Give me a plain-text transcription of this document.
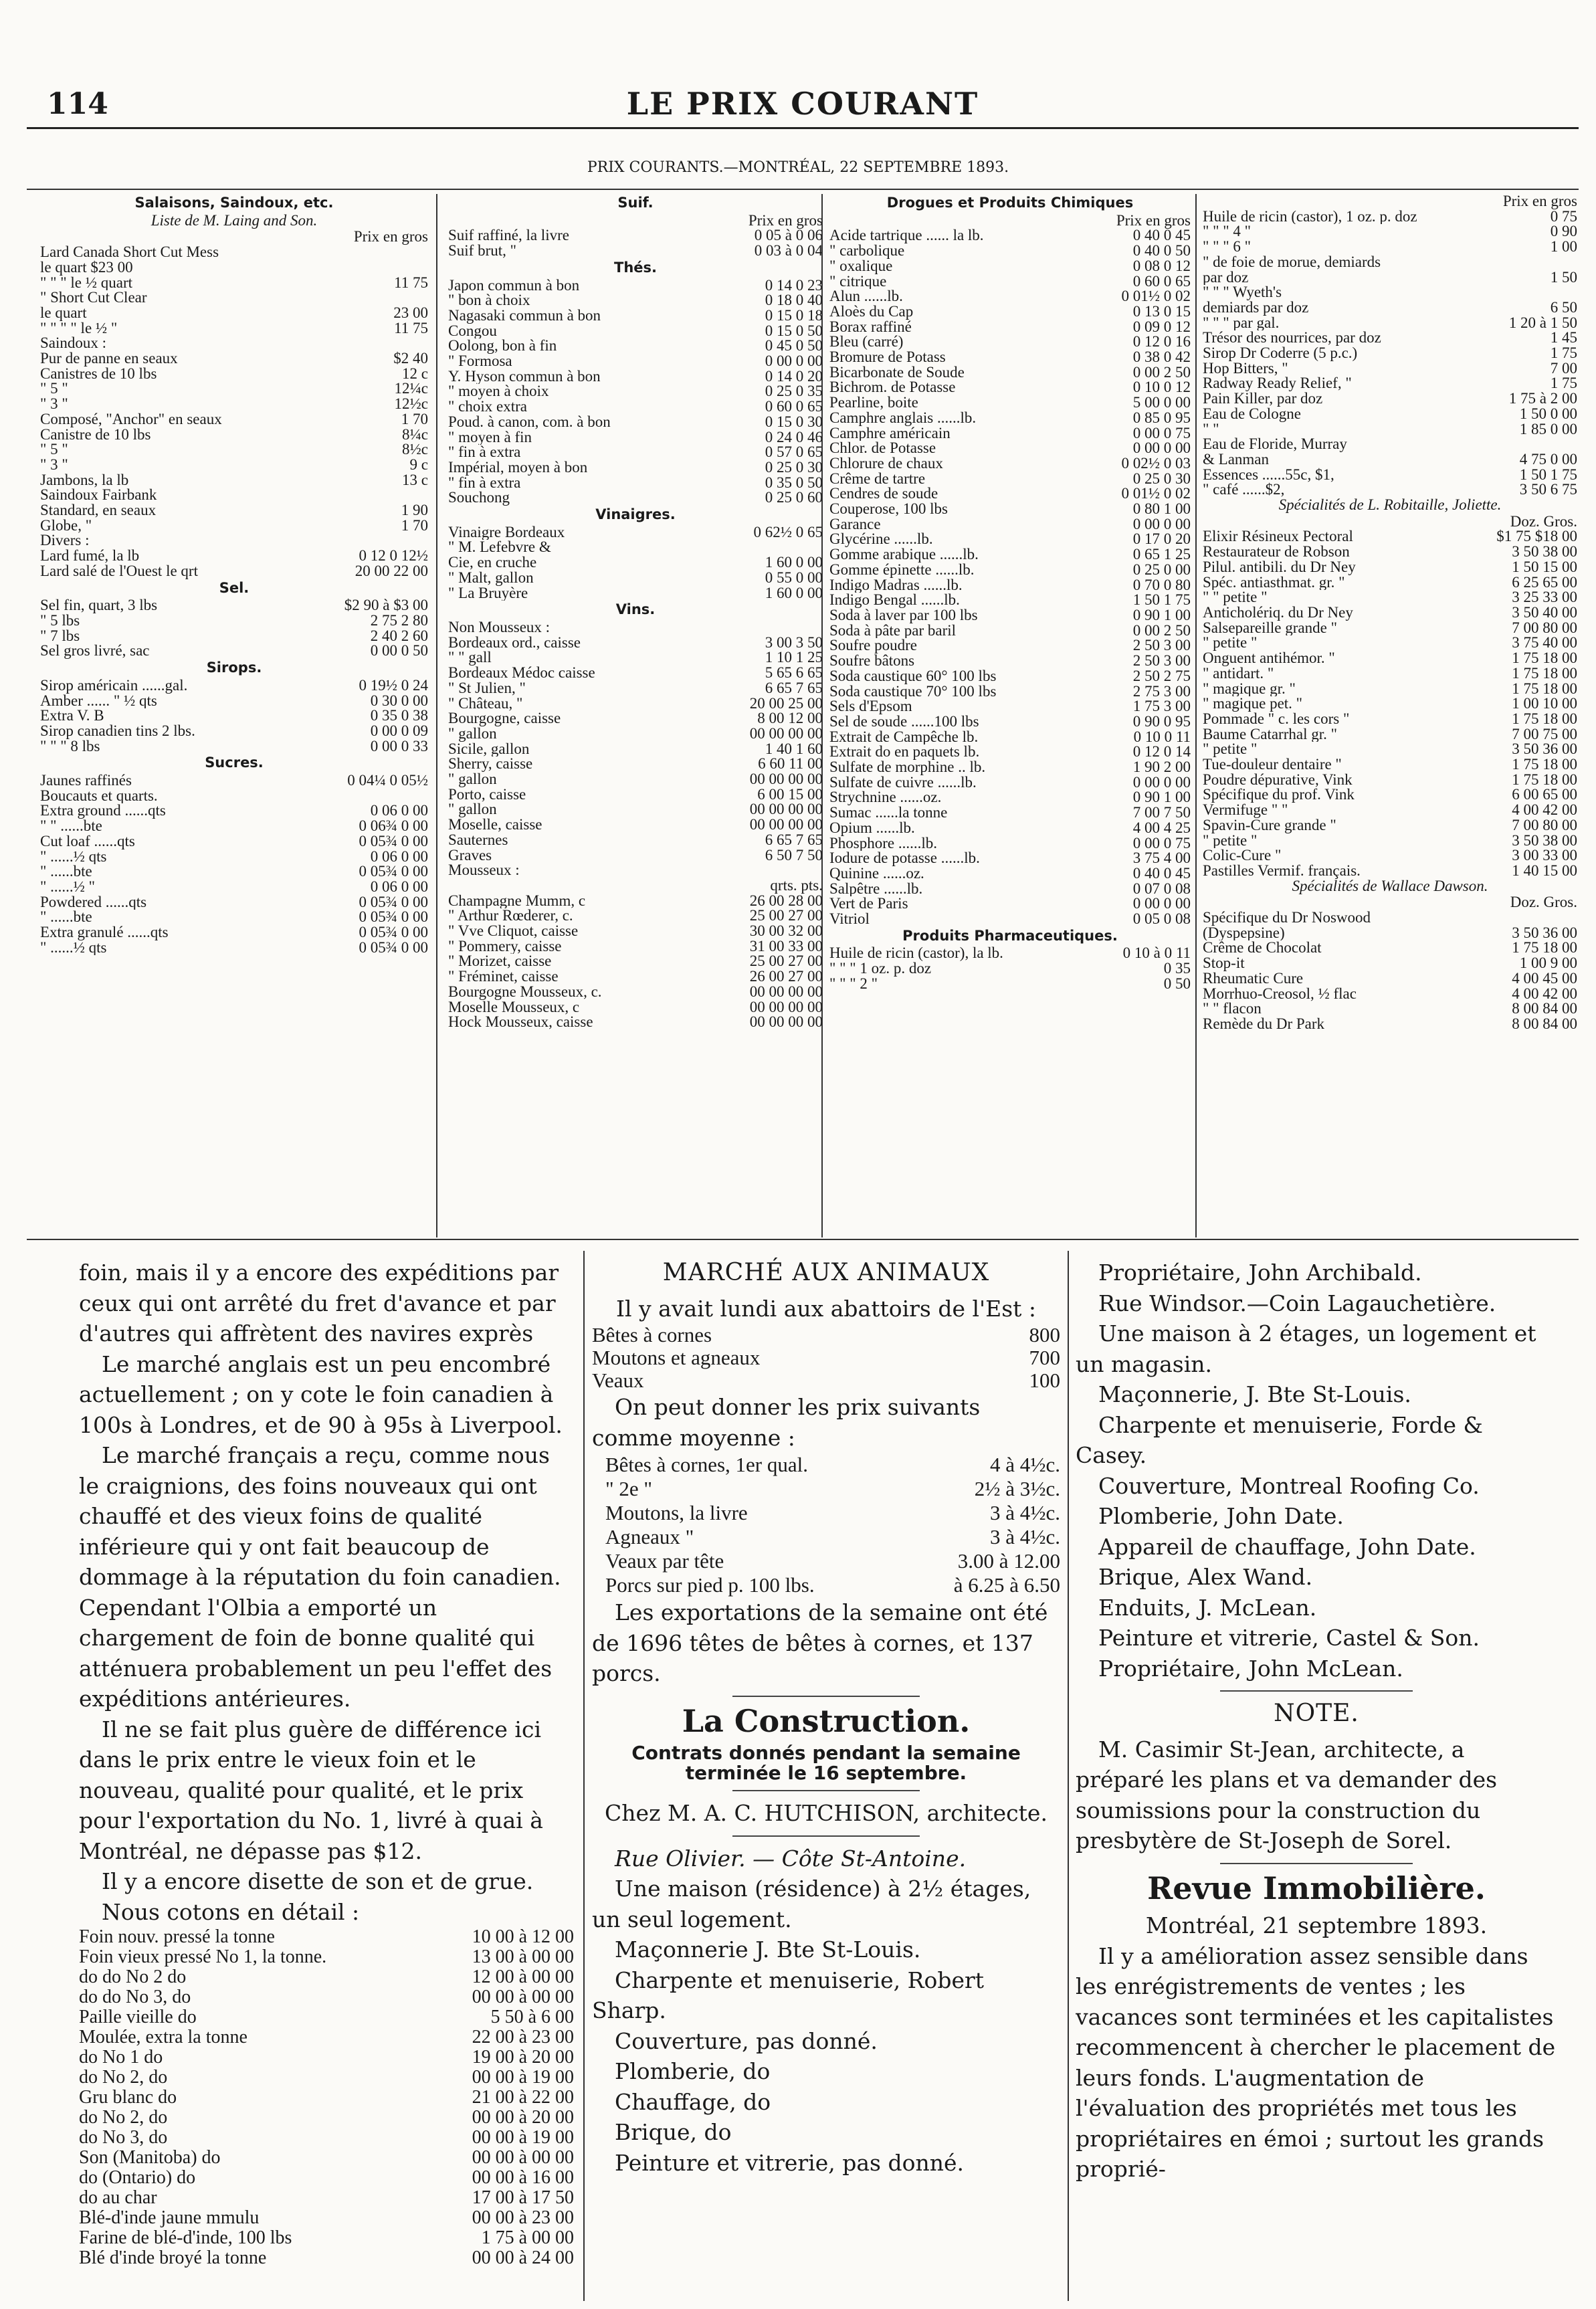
114	LE PRIX COURANT
PRIX COURANTS.—MONTRÉAL, 22 SEPTEMBRE 1893.
Salaisons, Saindoux, etc.
Liste de M. Laing and Son.
Prix en gros
Lard Canada Short Cut Mess
le quart $23 00
" " " le ½ quart	11 75
" Short Cut Clear
le quart	23 00
" " " " le ½ "	11 75
Saindoux :
Pur de panne en seaux	$2 40
Canistres de 10 lbs	12 c
" 5 "	12¼c
" 3 "	12½c
Composé, "Anchor" en seaux	1 70
Canistre de 10 lbs	8¼c
" 5 "	8½c
" 3 "	9 c
Jambons, la lb	13 c
Saindoux Fairbank
Standard, en seaux	1 90
Globe, "	1 70
Divers :
Lard fumé, la lb	0 12 0 12½
Lard salé de l'Ouest le qrt	20 00 22 00
Sel.
Sel fin, quart, 3 lbs	$2 90 à $3 00
" 5 lbs	2 75 2 80
" 7 lbs	2 40 2 60
Sel gros livré, sac	0 00 0 50
Sirops.
Sirop américain ......gal.	0 19½ 0 24
Amber ...... " ½ qts	0 30 0 00
Extra V. B	0 35 0 38
Sirop canadien tins 2 lbs.	0 00 0 09
" " " 8 lbs	0 00 0 33
Sucres.
Jaunes raffinés	0 04¼ 0 05½
Boucauts et quarts.
Extra ground ......qts	0 06 0 00
" " ......bte	0 06¾ 0 00
Cut loaf ......qts	0 05¾ 0 00
" ......½ qts	0 06 0 00
" ......bte	0 05¾ 0 00
" ......½ "	0 06 0 00
Powdered ......qts	0 05¾ 0 00
" ......bte	0 05¾ 0 00
Extra granulé ......qts	0 05¾ 0 00
" ......½ qts	0 05¾ 0 00
Suif.
Prix en gros
Suif raffiné, la livre	0 05 à 0 06
Suif brut, "	0 03 à 0 04
Thés.
Japon commun à bon	0 14 0 23
" bon à choix	0 18 0 40
Nagasaki commun à bon	0 15 0 18
Congou	0 15 0 50
Oolong, bon à fin	0 45 0 50
" Formosa	0 00 0 00
Y. Hyson commun à bon	0 14 0 20
" moyen à choix	0 25 0 35
" choix extra	0 60 0 65
Poud. à canon, com. à bon	0 15 0 30
" moyen à fin	0 24 0 46
" fin à extra	0 57 0 65
Impérial, moyen à bon	0 25 0 30
" fin à extra	0 35 0 50
Souchong	0 25 0 60
Vinaigres.
Vinaigre Bordeaux	0 62½ 0 65
" M. Lefebvre &
Cie, en cruche	1 60 0 00
" Malt, gallon	0 55 0 00
" La Bruyère	1 60 0 00
Vins.
Non Mousseux :
Bordeaux ord., caisse	3 00 3 50
" " gall	1 10 1 25
Bordeaux Médoc caisse	5 65 6 65
" St Julien, "	6 65 7 65
" Château, "	20 00 25 00
Bourgogne, caisse	8 00 12 00
" gallon	00 00 00 00
Sicile, gallon	1 40 1 60
Sherry, caisse	6 60 11 00
" gallon	00 00 00 00
Porto, caisse	6 00 15 00
" gallon	00 00 00 00
Moselle, caisse	00 00 00 00
Sauternes	6 65 7 65
Graves	6 50 7 50
Mousseux :
qrts. pts.
Champagne Mumm, c	26 00 28 00
" Arthur Rœderer, c.	25 00 27 00
" Vve Cliquot, caisse	30 00 32 00
" Pommery, caisse	31 00 33 00
" Morizet, caisse	25 00 27 00
" Fréminet, caisse	26 00 27 00
Bourgogne Mousseux, c.	00 00 00 00
Moselle Mousseux, c	00 00 00 00
Hock Mousseux, caisse	00 00 00 00
Drogues et Produits Chimiques
Prix en gros
Acide tartrique ...... la lb.	0 40 0 45
" carbolique	0 40 0 50
" oxalique	0 08 0 12
" citrique	0 60 0 65
Alun ......lb.	0 01½ 0 02
Aloès du Cap	0 13 0 15
Borax raffiné	0 09 0 12
Bleu (carré)	0 12 0 16
Bromure de Potass	0 38 0 42
Bicarbonate de Soude	0 00 2 50
Bichrom. de Potasse	0 10 0 12
Pearline, boite	5 00 0 00
Camphre anglais ......lb.	0 85 0 95
Camphre américain	0 00 0 75
Chlor. de Potasse	0 00 0 00
Chlorure de chaux	0 02½ 0 03
Crême de tartre	0 25 0 30
Cendres de soude	0 01½ 0 02
Couperose, 100 lbs	0 80 1 00
Garance	0 00 0 00
Glycérine ......lb.	0 17 0 20
Gomme arabique ......lb.	0 65 1 25
Gomme épinette ......lb.	0 25 0 00
Indigo Madras ......lb.	0 70 0 80
Indigo Bengal ......lb.	1 50 1 75
Soda à laver par 100 lbs	0 90 1 00
Soda à pâte par baril	0 00 2 50
Soufre poudre	2 50 3 00
Soufre bâtons	2 50 3 00
Soda caustique 60° 100 lbs	2 50 2 75
Soda caustique 70° 100 lbs	2 75 3 00
Sels d'Epsom	1 75 3 00
Sel de soude ......100 lbs	0 90 0 95
Extrait de Campêche lb.	0 10 0 11
Extrait do en paquets lb.	0 12 0 14
Sulfate de morphine .. lb.	1 90 2 00
Sulfate de cuivre ......lb.	0 00 0 00
Strychnine ......oz.	0 90 1 00
Sumac ......la tonne	7 00 7 50
Opium ......lb.	4 00 4 25
Phosphore ......lb.	0 00 0 75
Iodure de potasse ......lb.	3 75 4 00
Quinine ......oz.	0 40 0 45
Salpêtre ......lb.	0 07 0 08
Vert de Paris	0 00 0 00
Vitriol	0 05 0 08
Produits Pharmaceutiques.
Huile de ricin (castor), la lb.	0 10 à 0 11
" " " 1 oz. p. doz	0 35
" " " 2 "	0 50
Prix en gros
Huile de ricin (castor), 1 oz. p. doz	0 75
" " " 4 "	0 90
" " " 6 "	1 00
" de foie de morue, demiards
par doz	1 50
" " " Wyeth's
demiards par doz	6 50
" " " par gal.	1 20 à 1 50
Trésor des nourrices, par doz	1 45
Sirop Dr Coderre (5 p.c.)	1 75
Hop Bitters, "	7 00
Radway Ready Relief, "	1 75
Pain Killer, par doz	1 75 à 2 00
Eau de Cologne	1 50 0 00
" "	1 85 0 00
Eau de Floride, Murray
& Lanman	4 75 0 00
Essences ......55c, $1,	1 50 1 75
" café ......$2,	3 50 6 75
Spécialités de L. Robitaille, Joliette.
Doz. Gros.
Elixir Résineux Pectoral	$1 75 $18 00
Restaurateur de Robson	3 50 38 00
Pilul. antibili. du Dr Ney	1 50 15 00
Spéc. antiasthmat. gr. "	6 25 65 00
" " petite "	3 25 33 00
Anticholériq. du Dr Ney	3 50 40 00
Salsepareille grande "	7 00 80 00
" petite "	3 75 40 00
Onguent antihémor. "	1 75 18 00
" antidart. "	1 75 18 00
" magique gr. "	1 75 18 00
" magique pet. "	1 00 10 00
Pommade " c. les cors "	1 75 18 00
Baume Catarrhal gr. "	7 00 75 00
" petite "	3 50 36 00
Tue-douleur dentaire "	1 75 18 00
Poudre dépurative, Vink	1 75 18 00
Spécifique du prof. Vink	6 00 65 00
Vermifuge " "	4 00 42 00
Spavin-Cure grande "	7 00 80 00
" petite "	3 50 38 00
Colic-Cure "	3 00 33 00
Pastilles Vermif. français.	1 40 15 00
Spécialités de Wallace Dawson.
Doz. Gros.
Spécifique du Dr Noswood
(Dyspepsine)	3 50 36 00
Crême de Chocolat	1 75 18 00
Stop-it	1 00 9 00
Rheumatic Cure	4 00 45 00
Morrhuo-Creosol, ½ flac	4 00 42 00
" " flacon	8 00 84 00
Remède du Dr Park	8 00 84 00

foin, mais il y a encore des expéditions par ceux qui ont arrêté du fret d'avance et par d'autres qui affrètent des navires exprès

Le marché anglais est un peu encombré actuellement ; on y cote le foin canadien à 100s à Londres, et de 90 à 95s à Liverpool.

Le marché français a reçu, comme nous le craignions, des foins nouveaux qui ont chauffé et des vieux foins de qualité inférieure qui y ont fait beaucoup de dommage à la réputation du foin canadien. Cependant l'Olbia a emporté un chargement de foin de bonne qualité qui atténuera probablement un peu l'effet des expéditions antérieures.

Il ne se fait plus guère de différence ici dans le prix entre le vieux foin et le nouveau, qualité pour qualité, et le prix pour l'exportation du No. 1, livré à quai à Montréal, ne dépasse pas $12.

Il y a encore disette de son et de grue.

Nous cotons en détail :

Foin nouv. pressé la tonne	10 00 à 12 00
Foin vieux pressé No 1, la tonne.	13 00 à 00 00
do do No 2 do	12 00 à 00 00
do do No 3, do	00 00 à 00 00
Paille vieille do	5 50 à 6 00
Moulée, extra la tonne	22 00 à 23 00
do No 1 do	19 00 à 20 00
do No 2, do	00 00 à 19 00
Gru blanc do	21 00 à 22 00
do No 2, do	00 00 à 20 00
do No 3, do	00 00 à 19 00
Son (Manitoba) do	00 00 à 00 00
do (Ontario) do	00 00 à 16 00
do au char	17 00 à 17 50
Blé-d'inde jaune mmulu	00 00 à 23 00
Farine de blé-d'inde, 100 lbs	1 75 à 00 00
Blé d'inde broyé la tonne	00 00 à 24 00
MARCHÉ AUX ANIMAUX

Il y avait lundi aux abattoirs de l'Est :

Bêtes à cornes	800
Moutons et agneaux	700
Veaux	100

On peut donner les prix suivants comme moyenne :

Bêtes à cornes, 1er qual.	4 à 4½c.
" 2e "	2½ à 3½c.
Moutons, la livre	3 à 4½c.
Agneaux "	3 à 4½c.
Veaux par tête	3.00 à 12.00
Porcs sur pied p. 100 lbs.	à 6.25 à 6.50

Les exportations de la semaine ont été de 1696 têtes de bêtes à cornes, et 137 porcs.

La Construction.

Contrats donnés pendant la semaine terminée le 16 septembre.

Chez M. A. C. HUTCHISON, architecte.

Rue Olivier. — Côte St-Antoine.

Une maison (résidence) à 2½ étages, un seul logement.

Maçonnerie J. Bte St-Louis.

Charpente et menuiserie, Robert Sharp.

Couverture, pas donné.

Plomberie, do

Chauffage, do

Brique, do

Peinture et vitrerie, pas donné.

Propriétaire, John Archibald.

Rue Windsor.—Coin Lagauchetière.

Une maison à 2 étages, un logement et un magasin.

Maçonnerie, J. Bte St-Louis.

Charpente et menuiserie, Forde & Casey.

Couverture, Montreal Roofing Co.

Plomberie, John Date.

Appareil de chauffage, John Date.

Brique, Alex Wand.

Enduits, J. McLean.

Peinture et vitrerie, Castel & Son.

Propriétaire, John McLean.

NOTE.

M. Casimir St-Jean, architecte, a préparé les plans et va demander des soumissions pour la construction du presbytère de St-Joseph de Sorel.

Revue Immobilière.

Montréal, 21 septembre 1893.

Il y a amélioration assez sensible dans les enrégistrements de ventes ; les vacances sont terminées et les capitalistes recommencent à chercher le placement de leurs fonds. L'augmentation de l'évaluation des propriétés met tous les propriétaires en émoi ; surtout les grands proprié-
